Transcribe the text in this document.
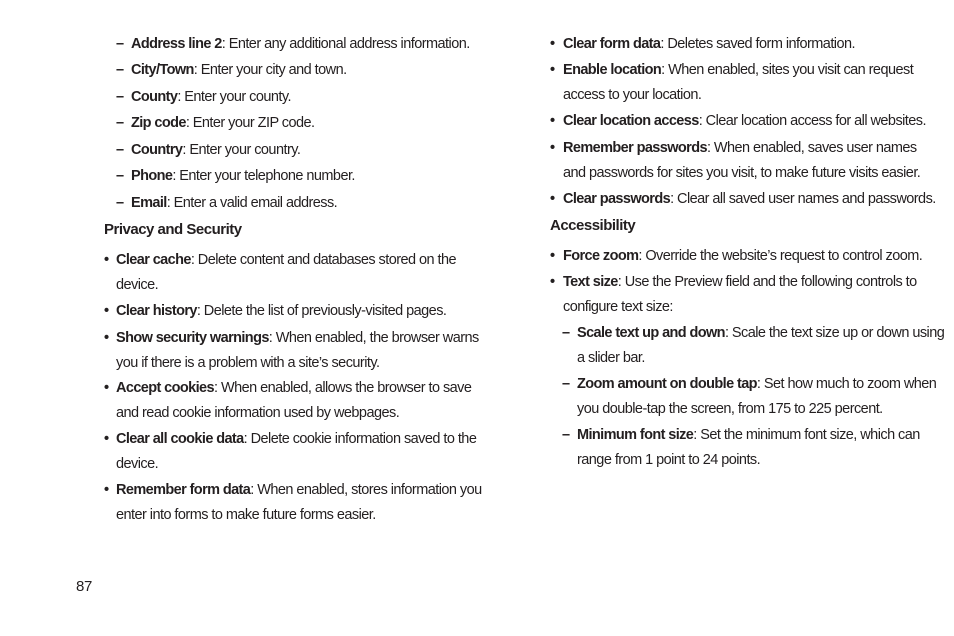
– Address line 2: Enter any additional address information.
– City/Town: Enter your city and town.
– County: Enter your county.
– Zip code: Enter your ZIP code.
– Country: Enter your country.
– Phone: Enter your telephone number.
– Email: Enter a valid email address.
Privacy and Security
• Clear cache: Delete content and databases stored on the
device.
• Clear history: Delete the list of previously-visited pages.
• Show security warnings: When enabled, the browser warns
you if there is a problem with a site’s security.
• Accept cookies: When enabled, allows the browser to save
and read cookie information used by webpages.
• Clear all cookie data: Delete cookie information saved to the
device.
• Remember form data: When enabled, stores information you
enter into forms to make future forms easier.
• Clear form data: Deletes saved form information.
• Enable location: When enabled, sites you visit can request
access to your location.
• Clear location access: Clear location access for all websites.
• Remember passwords: When enabled, saves user names
and passwords for sites you visit, to make future visits easier.
• Clear passwords: Clear all saved user names and passwords.
Accessibility
• Force zoom: Override the website’s request to control zoom.
• Text size: Use the Preview field and the following controls to
configure text size:
– Scale text up and down: Scale the text size up or down using
a slider bar.
– Zoom amount on double tap: Set how much to zoom when
you double-tap the screen, from 175 to 225 percent.
– Minimum font size: Set the minimum font size, which can
range from 1 point to 24 points.
87
